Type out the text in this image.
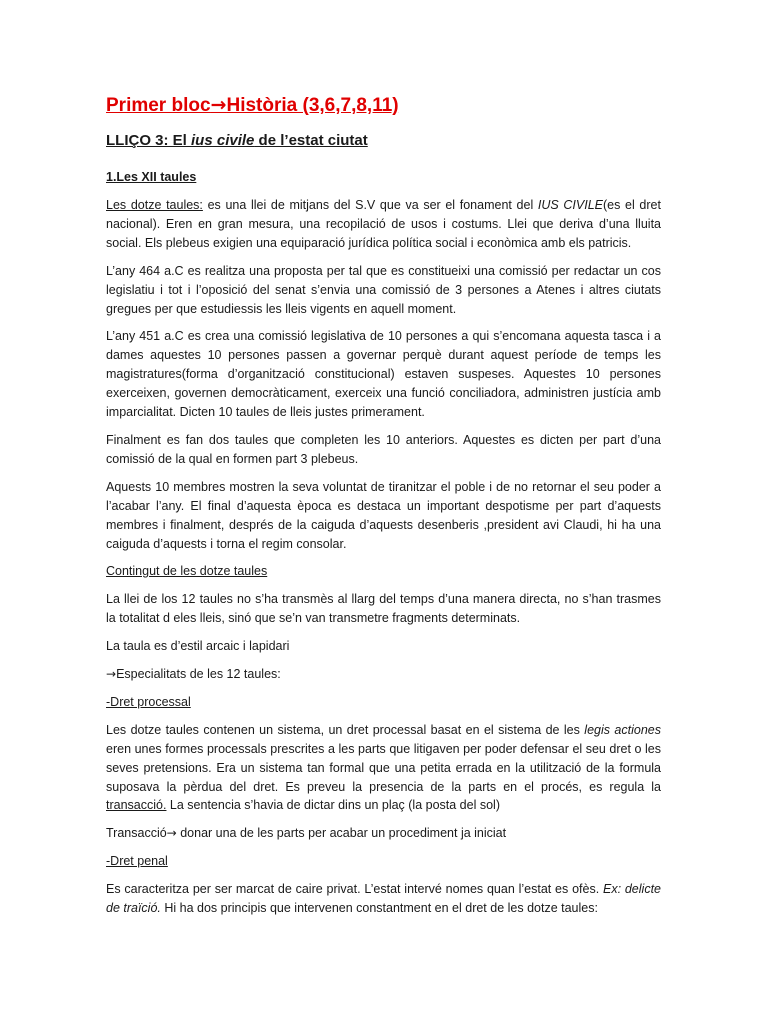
Primer bloc→Història (3,6,7,8,11)
LLIÇO 3: El ius civile de l’estat ciutat
1.Les XII taules

Les dotze taules: es una llei de mitjans del S.V que va ser el fonament del IUS CIVILE(es el dret nacional). Eren en gran mesura, una recopilació de usos i costums. Llei que deriva d’una lluita social. Els plebeus exigien una equiparació jurídica política social i econòmica amb els patricis.

L’any 464 a.C es realitza una proposta per tal que es constitueixi una comissió per redactar un cos legislatiu i tot i l’oposició del senat s’envia una comissió de 3 persones a Atenes i altres ciutats gregues per que estudiessis les lleis vigents en aquell moment.

L’any 451 a.C es crea una comissió legislativa de 10 persones a qui s’encomana aquesta tasca i a dames aquestes 10 persones passen a governar perquè durant aquest període de temps les magistratures(forma d’organització constitucional) estaven suspeses. Aquestes 10 persones exerceixen, governen democràticament, exerceix una funció conciliadora, administren justícia amb imparcialitat. Dicten 10 taules de lleis justes primerament.

Finalment es fan dos taules que completen les 10 anteriors. Aquestes es dicten per part d’una comissió de la qual en formen part 3 plebeus.

Aquests 10 membres mostren la seva voluntat de tiranitzar el poble i de no retornar el seu poder a l’acabar l’any. El final d’aquesta època es destaca un important despotisme per part d’aquests membres i finalment, després de la caiguda d’aquests desenberis ,president avi Claudi, hi ha una caiguda d’aquests i torna el regim consolar.

Contingut de les dotze taules

La llei de los 12 taules no s’ha transmès al llarg del temps d’una manera directa, no s’han trasmes la totalitat d eles lleis, sinó que se’n van transmetre fragments determinats.

La taula es d’estil arcaic i lapidari

→Especialitats de les 12 taules:

-Dret processal

Les dotze taules contenen un sistema, un dret processal basat en el sistema de les legis actiones eren unes formes processals prescrites a les parts que litigaven per poder defensar el seu dret o les seves pretensions. Era un sistema tan formal que una petita errada en la utilització de la formula suposava la pèrdua del dret. Es preveu la presencia de la parts en el procés, es regula la transacció. La sentencia s’havia de dictar dins un plaç (la posta del sol)

Transacció→ donar una de les parts per acabar un procediment ja iniciat

-Dret penal

Es caracteritza per ser marcat de caire privat. L’estat intervé nomes quan l’estat es ofès. Ex: delicte de traïció. Hi ha dos principis que intervenen constantment en el dret de les dotze taules:
